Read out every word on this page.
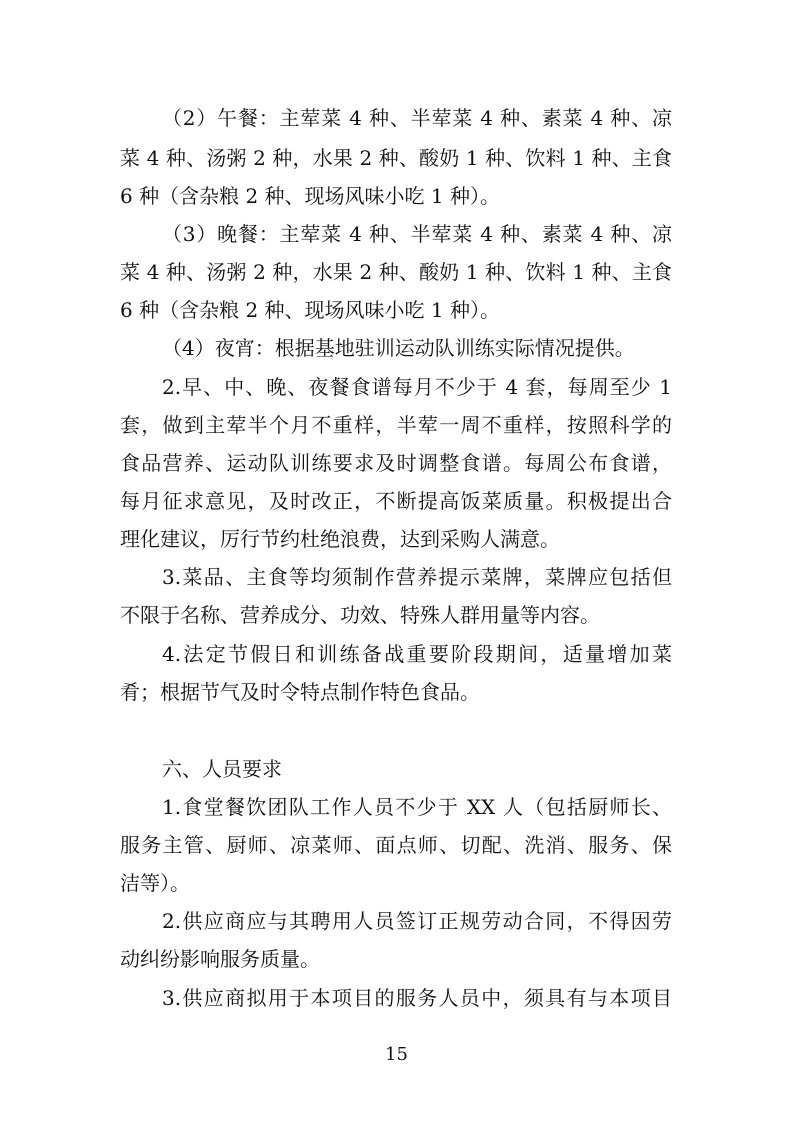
（2）午餐：主荤菜 4 种、半荤菜 4 种、素菜 4 种、凉
菜 4 种、汤粥 2 种，水果 2 种、酸奶 1 种、饮料 1 种、主食
6 种（含杂粮 2 种、现场风味小吃 1 种）。
（3）晚餐：主荤菜 4 种、半荤菜 4 种、素菜 4 种、凉
菜 4 种、汤粥 2 种，水果 2 种、酸奶 1 种、饮料 1 种、主食
6 种（含杂粮 2 种、现场风味小吃 1 种）。
（4）夜宵：根据基地驻训运动队训练实际情况提供。
2.早、中、晚、夜餐食谱每月不少于 4 套，每周至少 1
套，做到主荤半个月不重样，半荤一周不重样，按照科学的
食品营养、运动队训练要求及时调整食谱。每周公布食谱，
每月征求意见，及时改正，不断提高饭菜质量。积极提出合
理化建议，厉行节约杜绝浪费，达到采购人满意。
3.菜品、主食等均须制作营养提示菜牌，菜牌应包括但
不限于名称、营养成分、功效、特殊人群用量等内容。
4.法定节假日和训练备战重要阶段期间，适量增加菜
肴；根据节气及时令特点制作特色食品。
六、人员要求
1.食堂餐饮团队工作人员不少于 XX 人（包括厨师长、
服务主管、厨师、凉菜师、面点师、切配、洗消、服务、保
洁等）。
2.供应商应与其聘用人员签订正规劳动合同，不得因劳
动纠纷影响服务质量。
3.供应商拟用于本项目的服务人员中，须具有与本项目
15
